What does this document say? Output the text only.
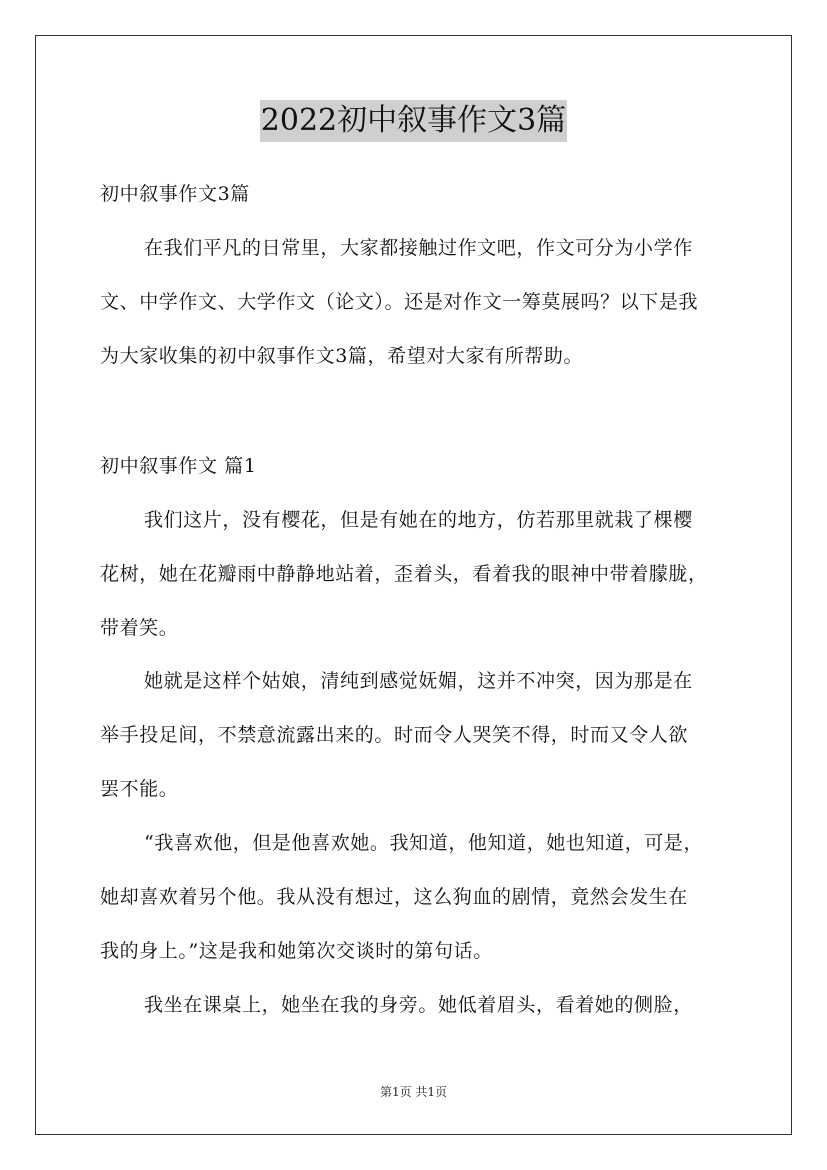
2022初中叙事作文3篇

初中叙事作文3篇

在我们平凡的日常里，大家都接触过作文吧，作文可分为小学作

文、中学作文、大学作文（论文）。还是对作文一筹莫展吗？以下是我

为大家收集的初中叙事作文3篇，希望对大家有所帮助。

初中叙事作文 篇1

我们这片，没有樱花，但是有她在的地方，仿若那里就栽了棵樱

花树，她在花瓣雨中静静地站着，歪着头，看着我的眼神中带着朦胧，

带着笑。

她就是这样个姑娘，清纯到感觉妩媚，这并不冲突，因为那是在

举手投足间，不禁意流露出来的。时而令人哭笑不得，时而又令人欲

罢不能。

“我喜欢他，但是他喜欢她。我知道，他知道，她也知道，可是，

她却喜欢着另个他。我从没有想过，这么狗血的剧情，竟然会发生在

我的身上。”这是我和她第次交谈时的第句话。

我坐在课桌上，她坐在我的身旁。她低着眉头，看着她的侧脸，

第1页 共1页
